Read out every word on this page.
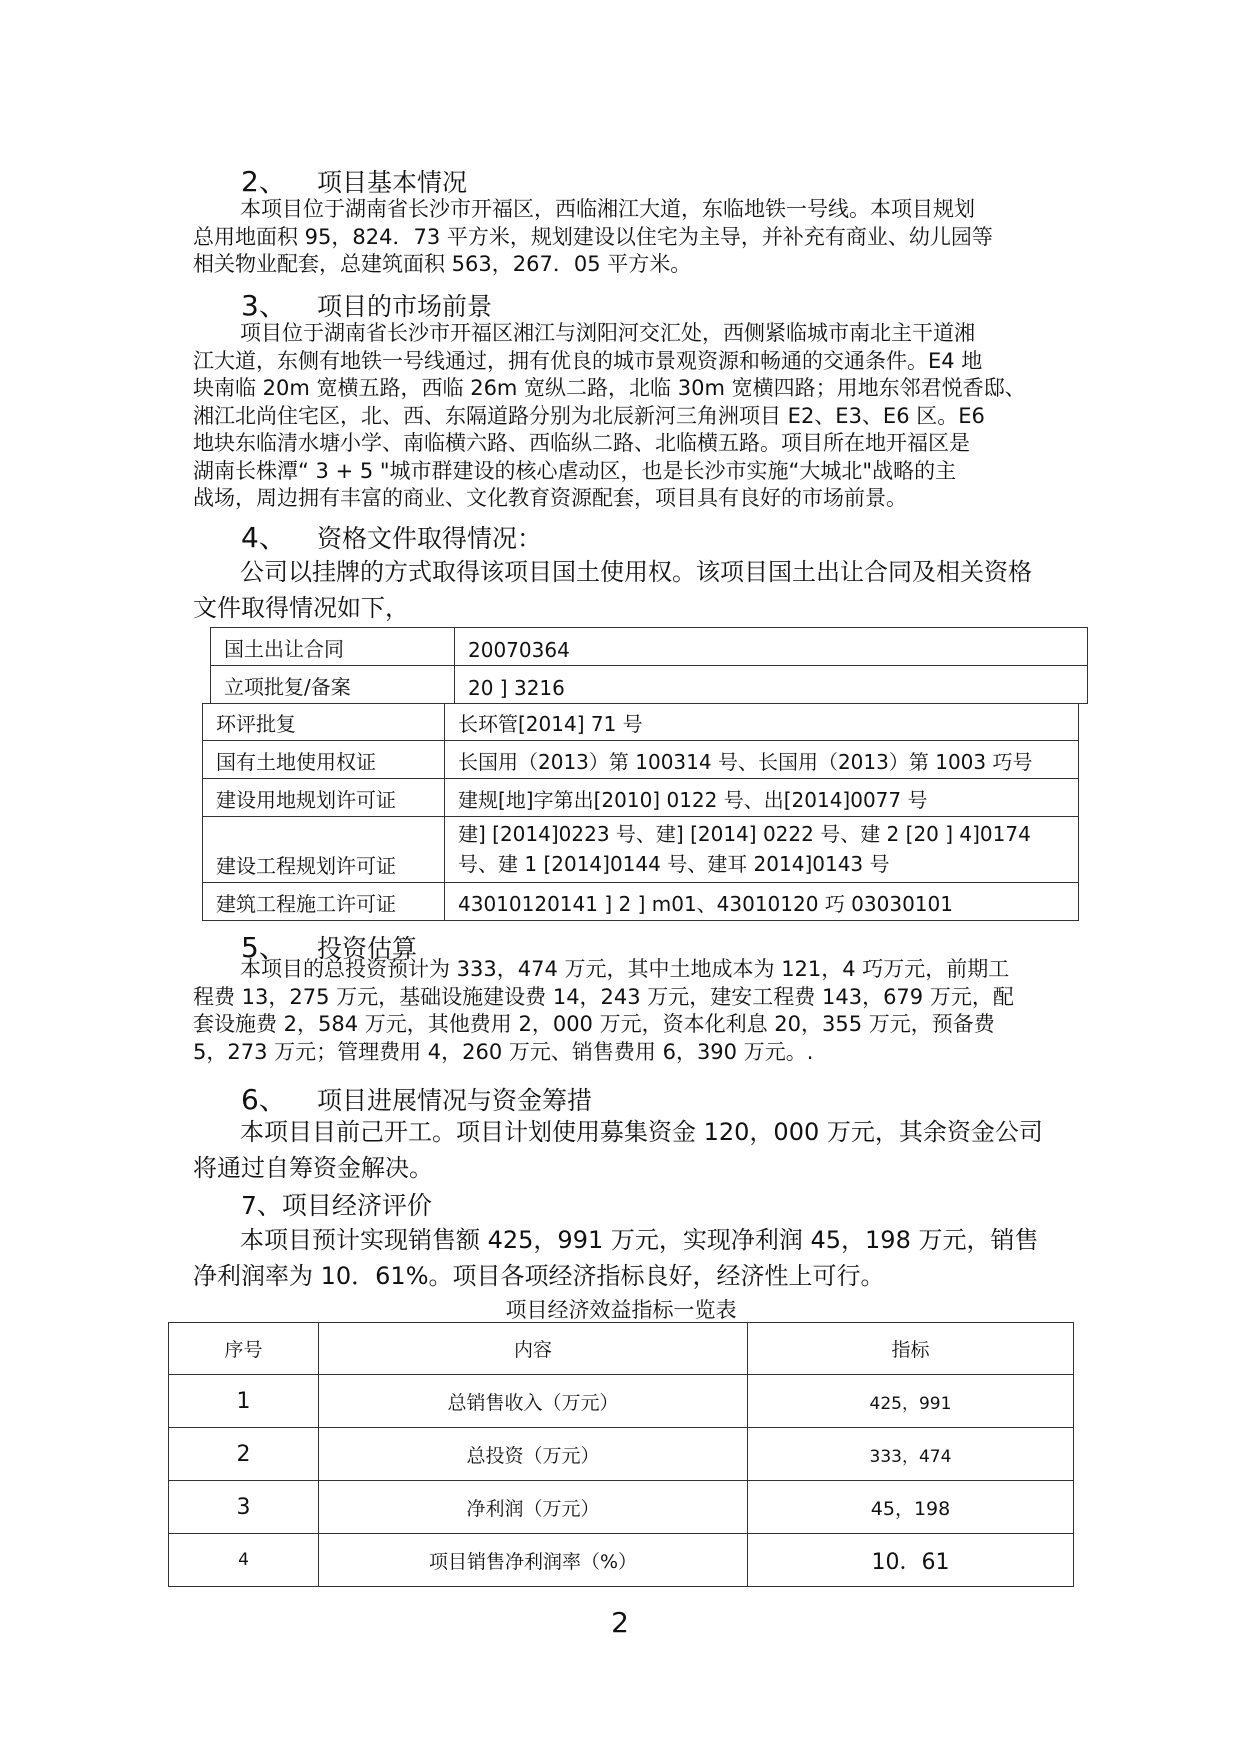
2、 项目基本情况
本项目位于湖南省长沙市开福区，西临湘江大道，东临地铁一号线。本项目规划
总用地面积 95，824．73 平方米，规划建设以住宅为主导，并补充有商业、幼儿园等
相关物业配套，总建筑面积 563，267．05 平方米。
3、 项目的市场前景
项目位于湖南省长沙市开福区湘江与浏阳河交汇处，西侧紧临城市南北主干道湘
江大道，东侧有地铁一号线通过，拥有优良的城市景观资源和畅通的交通条件。E4 地
块南临 20m 宽横五路，西临 26m 宽纵二路，北临 30m 宽横四路；用地东邻君悦香邸、
湘江北尚住宅区，北、西、东隔道路分别为北辰新河三角洲项目 E2、E3、E6 区。E6
地块东临清水塘小学、南临横六路、西临纵二路、北临横五路。项目所在地开福区是
湖南长株潭“ 3 + 5 "城市群建设的核心虐动区，也是长沙市实施“大城北"战略的主
战场，周边拥有丰富的商业、文化教育资源配套，项目具有良好的市场前景。
4、 资格文件取得情况：
公司以挂牌的方式取得该项目国土使用权。该项目国土出让合同及相关资格
文件取得情况如下，
国土出让合同	20070364
立项批复/备案	20 ] 3216
环评批复	长环管[2014] 71 号
国有土地使用权证	长国用（2013）第 100314 号、长国用（2013）第 1003 巧号
建设用地规划许可证	建规[地]字第出[2010] 0122 号、出[2014]0077 号
建设工程规划许可证	建] [2014]0223 号、建] [2014] 0222 号、建 2 [20 ] 4]0174
号、建 1 [2014]0144 号、建耳 2014]0143 号

建筑工程施工许可证	43010120141 ] 2 ] m01、43010120 巧 03030101
5、 投资估算
本项目的总投资预计为 333，474 万元，其中土地成本为 121，4 巧万元，前期工
程费 13，275 万元，基础设施建设费 14，243 万元，建安工程费 143，679 万元，配
套设施费 2，584 万元，其他费用 2，000 万元，资本化利息 20，355 万元，预备费
5，273 万元；管理费用 4，260 万元、销售费用 6，390 万元。.
6、 项目进展情况与资金筹措
本项目目前己开工。项目计划使用募集资金 120，000 万元，其余资金公司
将通过自筹资金解决。
7、项目经济评价
本项目预计实现销售额 425，991 万元，实现净利润 45，198 万元，销售
净利润率为 10．61%。项目各项经济指标良好，经济性上可行。
项目经济效益指标一览表
序号	内容	指标
1	总销售收入（万元）	425，991
2	总投资（万元）	333，474
3	净利润（万元）	45，198
4	项目销售净利润率（%）	10．61
2
